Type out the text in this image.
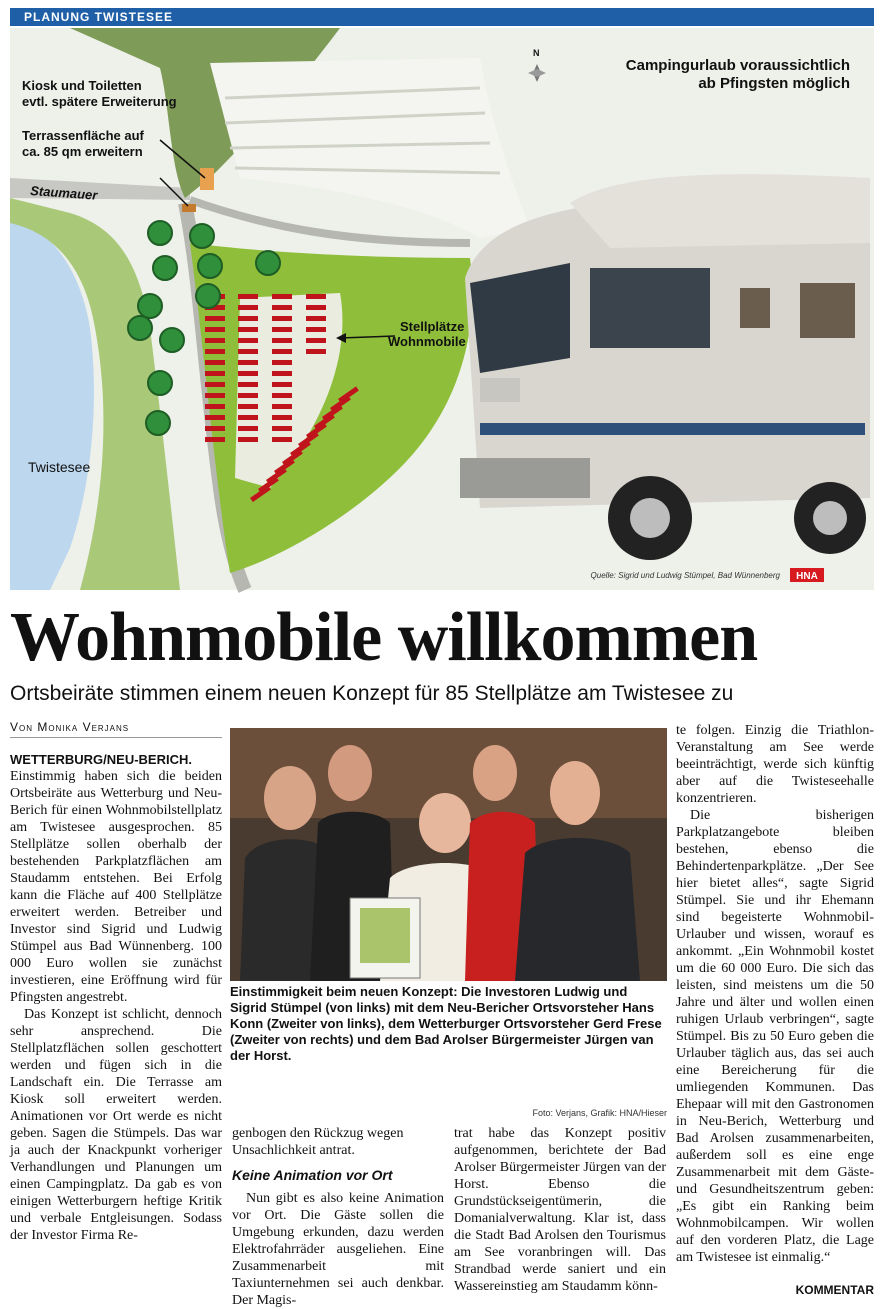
PLANUNG TWISTESEE
N
Kiosk und Toiletten
evtl. spätere Erweiterung
Terrassenfläche auf
ca. 85 qm erweitern
Staumauer
Campingurlaub voraussichtlich
ab Pfingsten möglich
Stellplätze
Wohnmobile
Twistesee
Quelle: Sigrid und Ludwig Stümpel, Bad Wünnenberg HNA
Wohnmobile willkommen
Ortsbeiräte stimmen einem neuen Konzept für 85 Stellplätze am Twistesee zu
Von Monika Verjans
WETTERBURG/NEU-BERICH.

Einstimmig haben sich die beiden Ortsbeiräte aus Wetterburg und Neu-Berich für einen Wohnmobilstellplatz am Twistesee ausgesprochen. 85 Stellplätze sollen oberhalb der bestehenden Parkplatzflächen am Staudamm entstehen. Bei Erfolg kann die Fläche auf 400 Stellplätze erweitert werden. Betreiber und Investor sind Sigrid und Ludwig Stümpel aus Bad Wünnenberg. 100 000 Euro wollen sie zunächst investieren, eine Eröffnung wird für Pfingsten angestrebt.

Das Konzept ist schlicht, dennoch sehr ansprechend. Die Stellplatzflächen sollen geschottert werden und fügen sich in die Landschaft ein. Die Terrasse am Kiosk soll erweitert werden. Animationen vor Ort werde es nicht geben. Sagen die Stümpels. Das war ja auch der Knackpunkt vorheriger Verhandlungen und Planungen um einen Campingplatz. Da gab es von einigen Wetterburgern heftige Kritik und verbale Entgleisungen. Sodass der Investor Firma Re-

Einstimmigkeit beim neuen Konzept: Die Investoren Ludwig und Sigrid Stümpel (von links) mit dem Neu-Bericher Ortsvorsteher Hans Konn (Zweiter von links), dem Wetterburger Ortsvorsteher Gerd Frese (Zweiter von rechts) und dem Bad Arolser Bürgermeister Jürgen van der Horst.
Foto: Verjans, Grafik: HNA/Hieser

genbogen den Rückzug wegen Unsachlichkeit antrat.

Keine Animation vor Ort

Nun gibt es also keine Animation vor Ort. Die Gäste sollen die Umgebung erkunden, dazu werden Elektrofahrräder ausgeliehen. Eine Zusammenarbeit mit Taxiunternehmen sei auch denkbar. Der Magis-

trat habe das Konzept positiv aufgenommen, berichtete der Bad Arolser Bürgermeister Jürgen van der Horst. Ebenso die Grundstückseigentümerin, die Domanialverwaltung. Klar ist, dass die Stadt Bad Arolsen den Tourismus am See voranbringen will. Das Strandbad werde saniert und ein Wassereinstieg am Staudamm könn-

te folgen. Einzig die Triathlon-Veranstaltung am See werde beeinträchtigt, werde sich künftig aber auf die Twisteseehalle konzentrieren.

Die bisherigen Parkplatzangebote bleiben bestehen, ebenso die Behindertenparkplätze. „Der See hier bietet alles“, sagte Sigrid Stümpel. Sie und ihr Ehemann sind begeisterte Wohnmobil-Urlauber und wissen, worauf es ankommt. „Ein Wohnmobil kostet um die 60 000 Euro. Die sich das leisten, sind meistens um die 50 Jahre und älter und wollen einen ruhigen Urlaub verbringen“, sagte Stümpel. Bis zu 50 Euro geben die Urlauber täglich aus, das sei auch eine Bereicherung für die umliegenden Kommunen. Das Ehepaar will mit den Gastronomen in Neu-Berich, Wetterburg und Bad Arolsen zusammenarbeiten, außerdem soll es eine enge Zusammenarbeit mit dem Gäste- und Gesundheitszentrum geben: „Es gibt ein Ranking beim Wohnmobilcampen. Wir wollen auf den vorderen Platz, die Lage am Twistesee ist einmalig.“

KOMMENTAR
